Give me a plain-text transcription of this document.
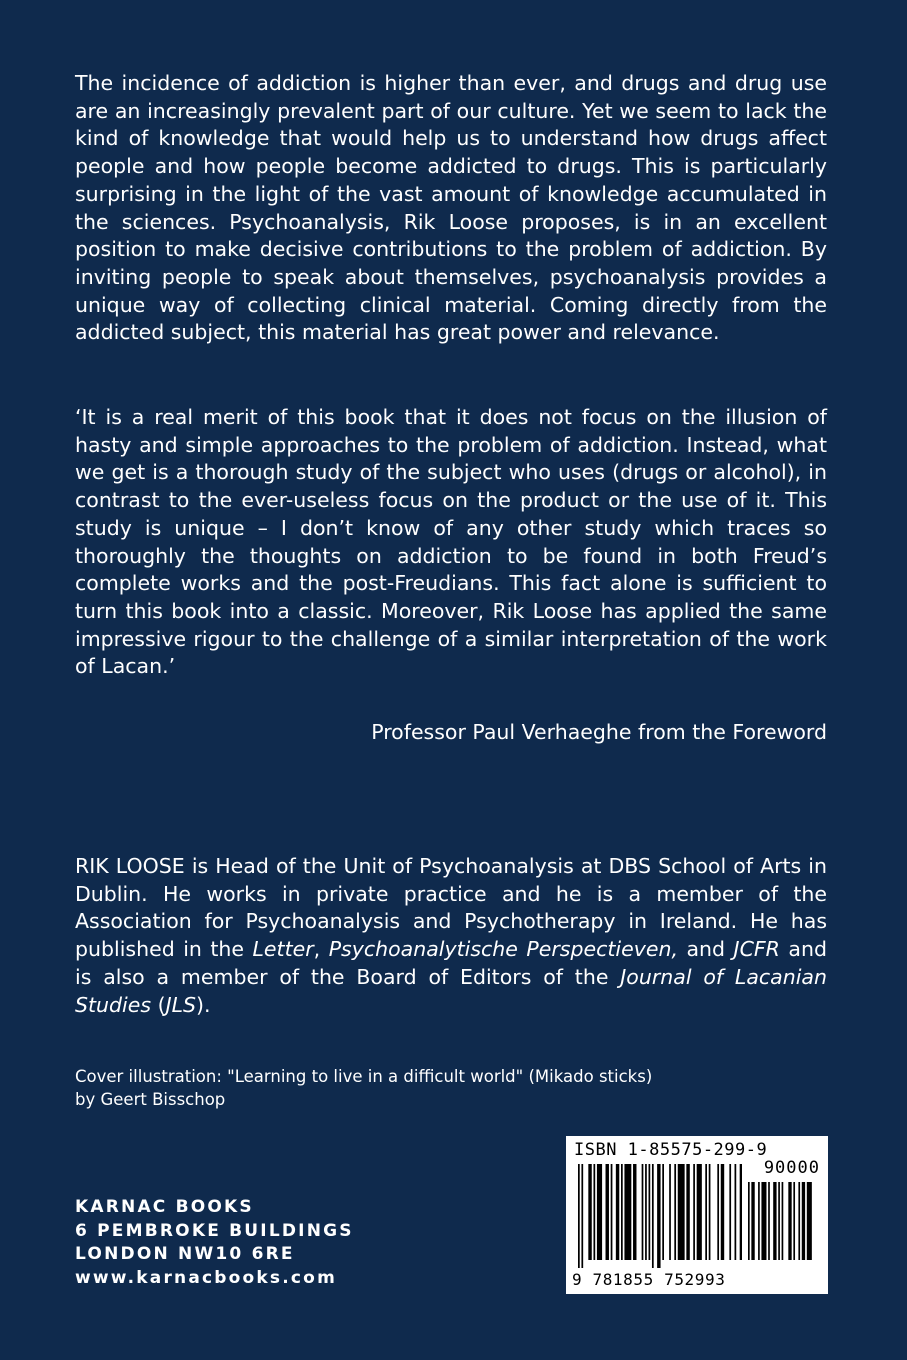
The incidence of addiction is higher than ever, and drugs and drug use are an increasingly prevalent part of our culture. Yet we seem to lack the kind of knowledge that would help us to understand how drugs affect people and how people become addicted to drugs. This is particularly surprising in the light of the vast amount of knowledge accumulated in the sciences. Psychoanalysis, Rik Loose proposes, is in an excellent position to make decisive contributions to the problem of addiction. By inviting people to speak about themselves, psychoanalysis provides a unique way of collecting clinical material. Coming directly from the addicted subject, this material has great power and relevance.

‘It is a real merit of this book that it does not focus on the illusion of hasty and simple approaches to the problem of addiction. Instead, what we get is a thorough study of the subject who uses (drugs or alcohol), in contrast to the ever-useless focus on the product or the use of it. This study is unique – I don’t know of any other study which traces so thoroughly the thoughts on addiction to be found in both Freud’s complete works and the post-Freudians. This fact alone is sufficient to turn this book into a classic. Moreover, Rik Loose has applied the same impressive rigour to the challenge of a similar interpretation of the work of Lacan.’

Professor Paul Verhaeghe from the Foreword

RIK LOOSE is Head of the Unit of Psychoanalysis at DBS School of Arts in Dublin. He works in private practice and he is a member of the Association for Psychoanalysis and Psychotherapy in Ireland. He has published in the Letter, Psychoanalytische Perspectieven, and JCFR and is also a member of the Board of Editors of the Journal of Lacanian Studies (JLS).

Cover illustration: "Learning to live in a difficult world" (Mikado sticks)
by Geert Bisschop
KARNAC BOOKS
6 PEMBROKE BUILDINGS
LONDON NW10 6RE
www.karnacbooks.com
ISBN 1-85575-299-9
90000
9 781855 752993
